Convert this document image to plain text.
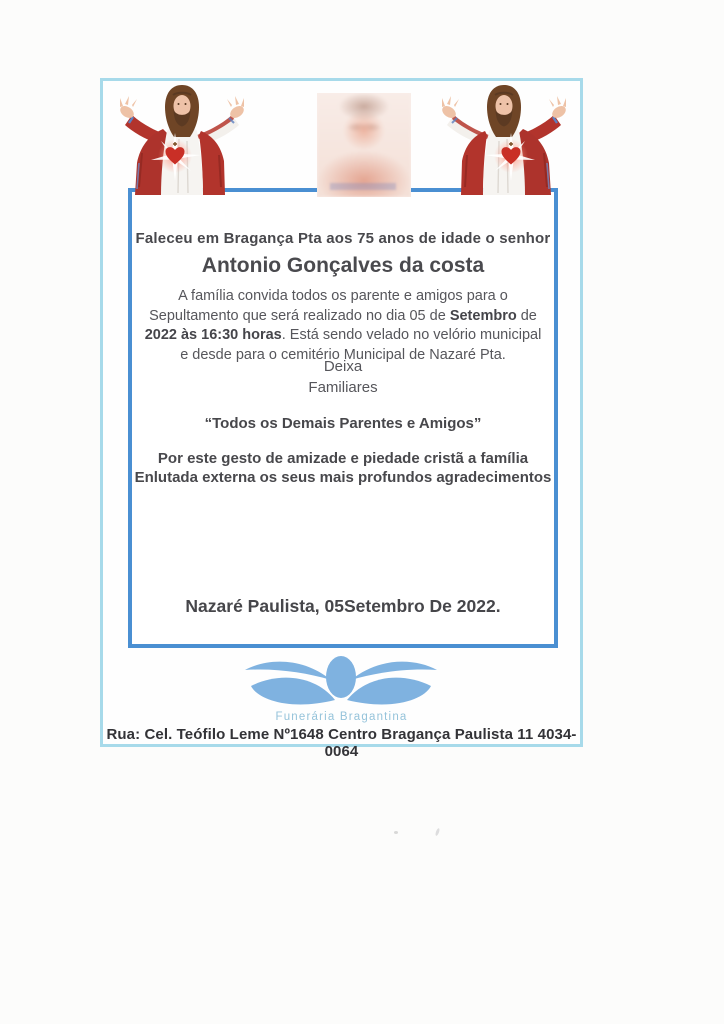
Faleceu em Bragança Pta aos 75 anos de idade o senhor

Antonio Gonçalves da costa

A família convida todos os parente e amigos para o
Sepultamento que será realizado no dia 05 de Setembro de
2022 às 16:30 horas. Está sendo velado no velório municipal
e desde para o cemitério Municipal de Nazaré Pta.

Deixa

Familiares

“Todos os Demais Parentes e Amigos”

Por este gesto de amizade e piedade cristã a família
Enlutada externa os seus mais profundos agradecimentos

Nazaré Paulista, 05Setembro De 2022.

Funerária Bragantina
Rua: Cel. Teófilo Leme Nº1648 Centro Bragança Paulista 11 4034-0064
